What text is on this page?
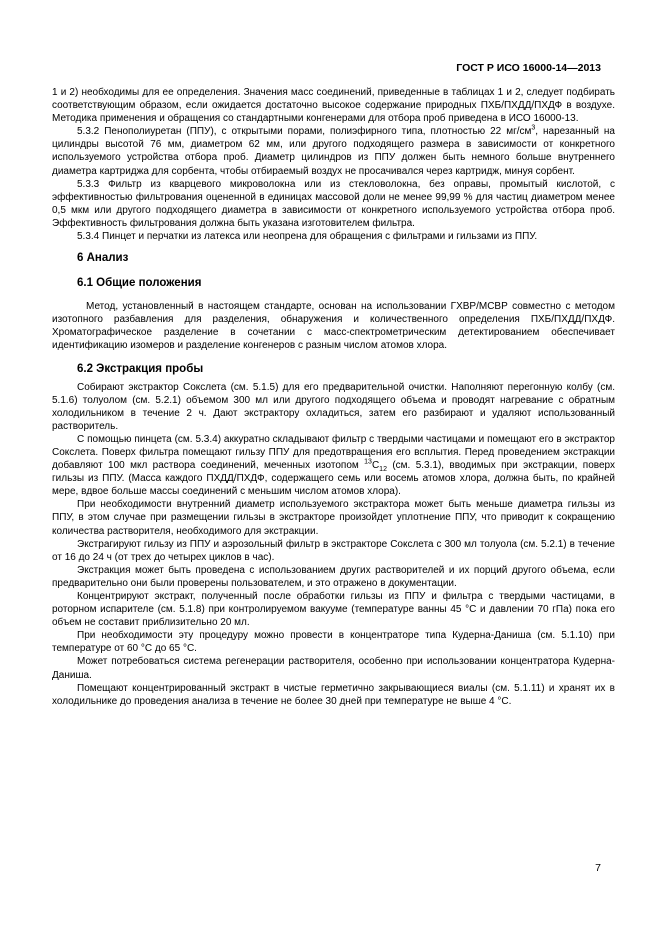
ГОСТ Р ИСО 16000-14—2013

1 и 2) необходимы для ее определения. Значения масс соединений, приведенные в таблицах 1 и 2, следует подбирать соответствующим образом, если ожидается достаточно высокое содержание природных ПХБ/ПХДД/ПХДФ в воздухе. Методика применения и обращения со стандартными конгенерами для отбора проб приведена в ИСО 16000-13.

5.3.2 Пенополиуретан (ППУ), с открытыми порами, полиэфирного типа, плотностью 22 $мг/см^3$, нарезанный на цилиндры высотой 76 мм, диаметром 62 мм, или другого подходящего размера в зависимости от конкретного используемого устройства отбора проб. Диаметр цилиндров из ППУ должен быть немного больше внутреннего диаметра картриджа для сорбента, чтобы отбираемый воздух не просачивался через картридж, минуя сорбент.

5.3.3 Фильтр из кварцевого микроволокна или из стекловолокна, без оправы, промытый кислотой, с эффективностью фильтрования оцененной в единицах массовой доли не менее 99,99 % для частиц диаметром менее 0,5 мкм или другого подходящего диаметра в зависимости от конкретного используемого устройства отбора проб. Эффективность фильтрования должна быть указана изготовителем фильтра.

5.3.4 Пинцет и перчатки из латекса или неопрена для обращения с фильтрами и гильзами из ППУ.

6 Анализ
6.1 Общие положения

Метод, установленный в настоящем стандарте, основан на использовании ГХВР/МСВР совместно с методом изотопного разбавления для разделения, обнаружения и количественного определения ПХБ/ПХДД/ПХДФ. Хроматографическое разделение в сочетании с масс-спектрометрическим детектированием обеспечивает идентификацию изомеров и разделение конгенеров с разным числом атомов хлора.

6.2 Экстракция пробы

Собирают экстрактор Сокслета (см. 5.1.5) для его предварительной очистки. Наполняют перегонную колбу (см. 5.1.6) толуолом (см. 5.2.1) объемом 300 мл или другого подходящего объема и проводят нагревание с обратным холодильником в течение 2 ч. Дают экстрактору охладиться, затем его разбирают и удаляют использованный растворитель.

С помощью пинцета (см. 5.3.4) аккуратно складывают фильтр с твердыми частицами и помещают его в экстрактор Сокслета. Поверх фильтра помещают гильзу ППУ для предотвращения его всплытия. Перед проведением экстракции добавляют 100 мкл раствора соединений, меченных изотопом $^{13}C_{12}$ (см. 5.3.1), вводимых при экстракции, поверх гильзы из ППУ. (Масса каждого ПХДД/ПХДФ, содержащего семь или восемь атомов хлора, должна быть, по крайней мере, вдвое больше массы соединений с меньшим числом атомов хлора).

При необходимости внутренний диаметр используемого экстрактора может быть меньше диаметра гильзы из ППУ, в этом случае при размещении гильзы в экстракторе произойдет уплотнение ППУ, что приводит к сокращению количества растворителя, необходимого для экстракции.

Экстрагируют гильзу из ППУ и аэрозольный фильтр в экстракторе Сокслета с 300 мл толуола (см. 5.2.1) в течение от 16 до 24 ч (от трех до четырех циклов в час).

Экстракция может быть проведена с использованием других растворителей и их порций другого объема, если предварительно они были проверены пользователем, и это отражено в документации.

Концентрируют экстракт, полученный после обработки гильзы из ППУ и фильтра с твердыми частицами, в роторном испарителе (см. 5.1.8) при контролируемом вакууме (температуре ванны 45 °С и давлении 70 гПа) пока его объем не составит приблизительно 20 мл.

При необходимости эту процедуру можно провести в концентраторе типа Кудерна-Даниша (см. 5.1.10) при температуре от 60 °С до 65 °С.

Может потребоваться система регенерации растворителя, особенно при использовании концентратора Кудерна-Даниша.

Помещают концентрированный экстракт в чистые герметично закрывающиеся виалы (см. 5.1.11) и хранят их в холодильнике до проведения анализа в течение не более 30 дней при температуре не выше 4 °С.

7
